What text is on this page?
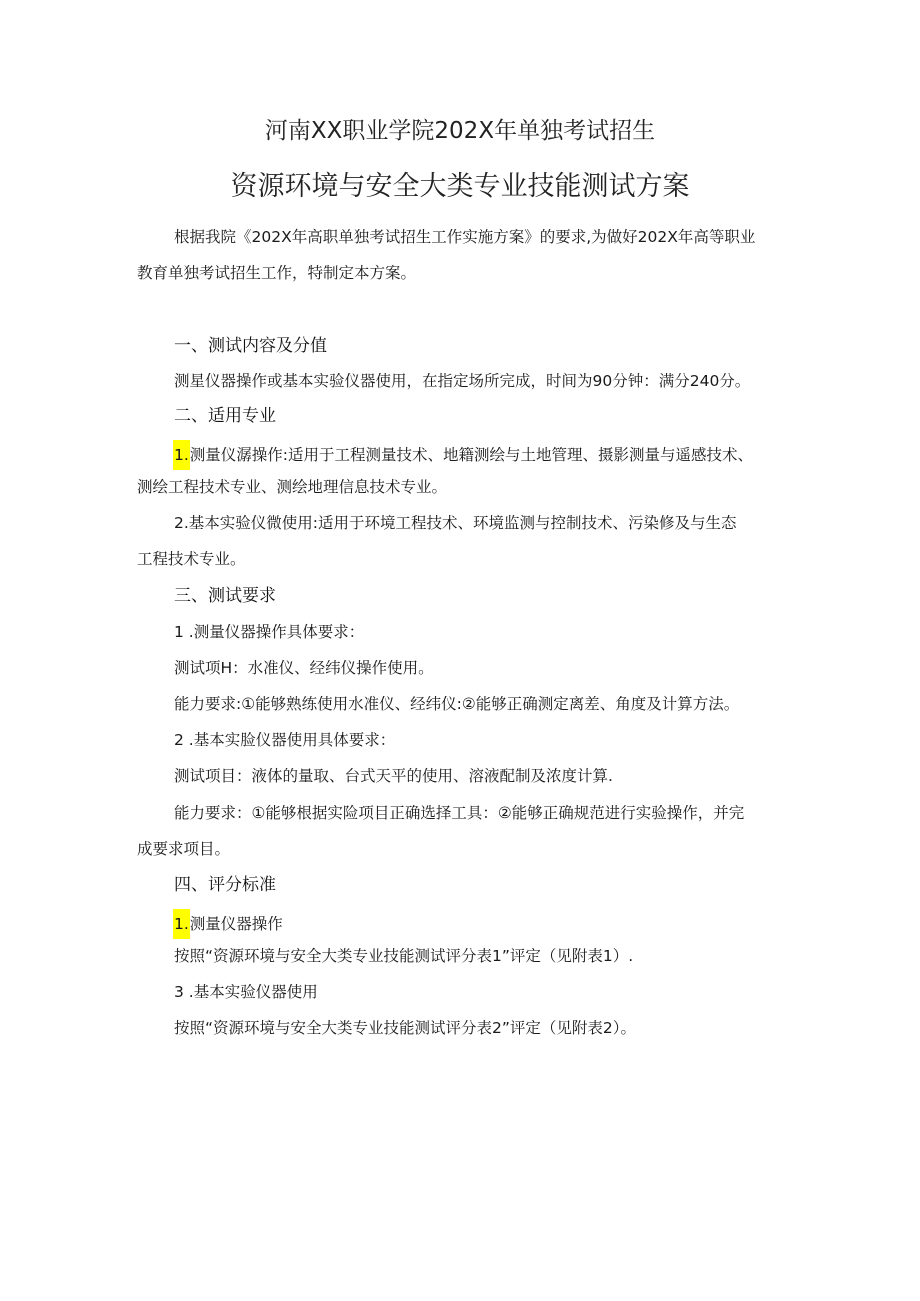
河南XX职业学院202X年单独考试招生
资源环境与安全大类专业技能测试方案
根据我院《202X年高职单独考试招生工作实施方案》的要求,为做好202X年高等职业
教育单独考试招生工作，特制定本方案。
一、测试内容及分值
测星仪器操作或基本实验仪器使用，在指定场所完成，时间为90分钟：满分240分。
二、适用专业
1.测量仪潺操作:适用于工程测量技术、地籍测绘与土地管理、摄影测量与遥感技术、
测绘工程技术专业、测绘地理信息技术专业。
2.基本实验仪微使用:适用于环境工程技术、环境监测与控制技术、污染修及与生态
工程技术专业。
三、测试要求
1 .测量仪器操作具体要求：
测试项H：水准仪、经纬仪操作使用。
能力要求:①能够熟练使用水准仪、经纬仪:②能够正确测定离差、角度及计算方法。
2 .基本实脸仪器使用具体要求：
测试项目：液体的量取、台式天平的使用、溶液配制及浓度计算.
能力要求：①能够根据实险项目正确选择工具：②能够正确规范进行实验操作，并完
成要求项目。
四、评分标准
1.测量仪器操作
按照“资源环境与安全大类专业技能测试评分表1”评定（见附表1）.
3 .基本实验仪器使用
按照“资源环境与安全大类专业技能测试评分表2”评定（见附表2）。
